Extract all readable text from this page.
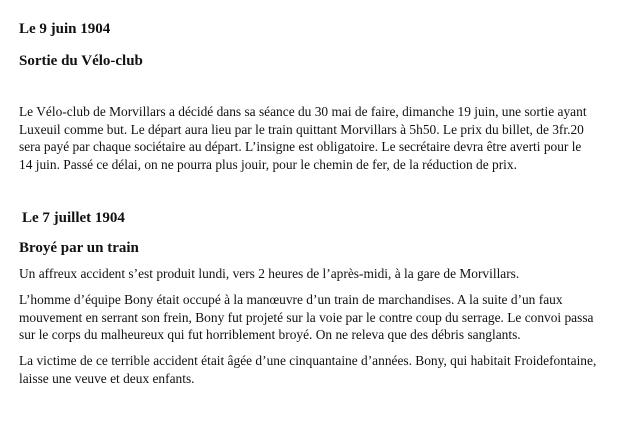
Le 9 juin 1904
Sortie du Vélo-club
Le Vélo-club de Morvillars a décidé dans sa séance du 30 mai de faire, dimanche 19 juin, une sortie ayant
Luxeuil comme but. Le départ aura lieu par le train quittant Morvillars à 5h50. Le prix du billet, de 3fr.20
sera payé par chaque sociétaire au départ. L’insigne est obligatoire. Le secrétaire devra être averti pour le
14 juin. Passé ce délai, on ne pourra plus jouir, pour le chemin de fer, de la réduction de prix.
Le 7 juillet 1904
Broyé par un train
Un affreux accident s’est produit lundi, vers 2 heures de l’après-midi, à la gare de Morvillars.
L’homme d’équipe Bony était occupé à la manœuvre d’un train de marchandises. A la suite d’un faux
mouvement en serrant son frein, Bony fut projeté sur la voie par le contre coup du serrage. Le convoi passa
sur le corps du malheureux qui fut horriblement broyé. On ne releva que des débris sanglants.
La victime de ce terrible accident était âgée d’une cinquantaine d’années. Bony, qui habitait Froidefontaine,
laisse une veuve et deux enfants.
